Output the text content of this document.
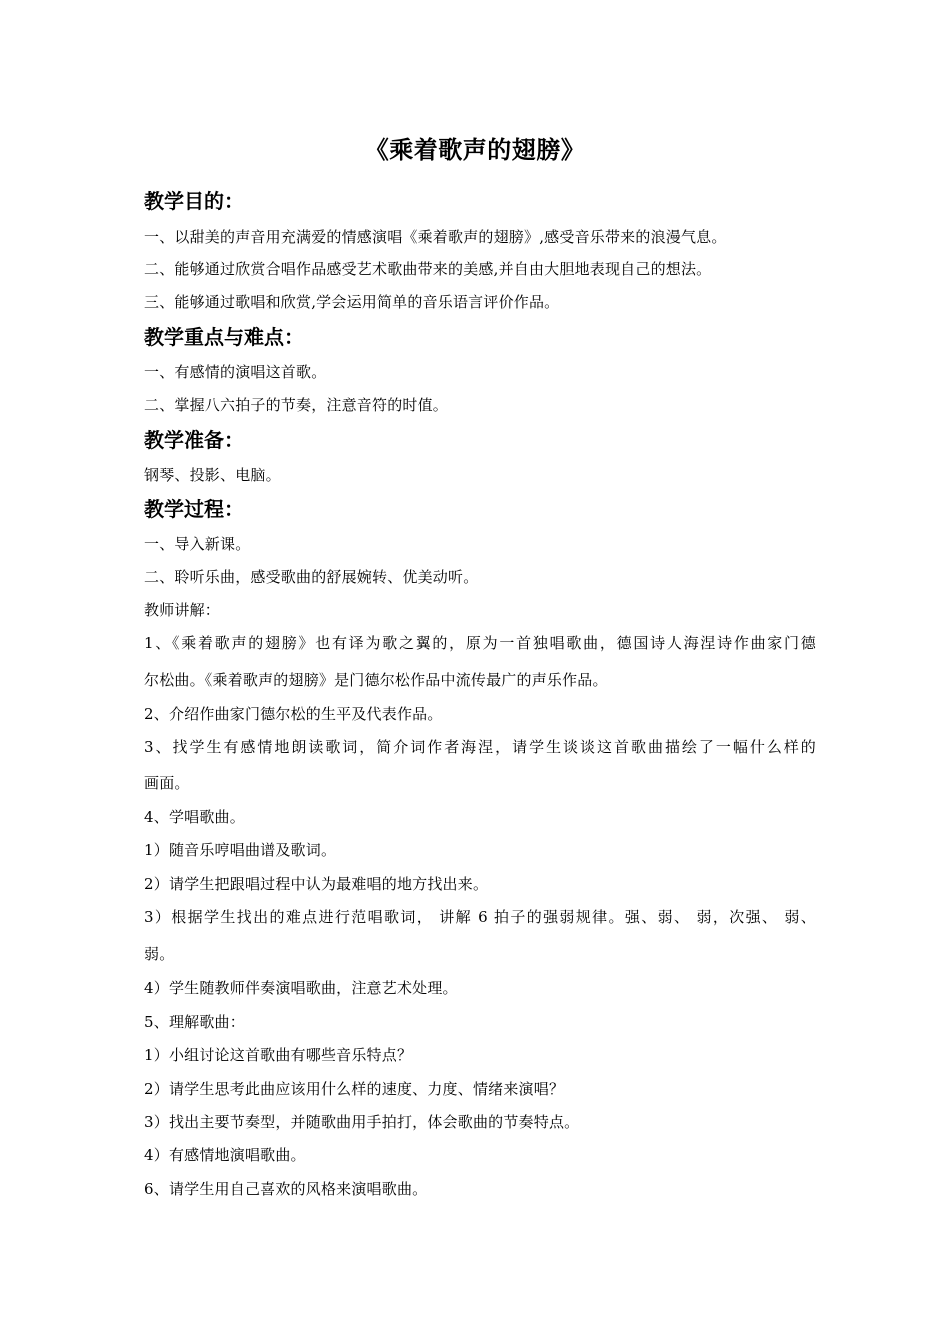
《乘着歌声的翅膀》
教学目的：
一、以甜美的声音用充满爱的情感演唱《乘着歌声的翅膀》,感受音乐带来的浪漫气息。
二、能够通过欣赏合唱作品感受艺术歌曲带来的美感,并自由大胆地表现自己的想法。
三、能够通过歌唱和欣赏,学会运用简单的音乐语言评价作品。
教学重点与难点：
一、有感情的演唱这首歌。
二、掌握八六拍子的节奏，注意音符的时值。
教学准备：
钢琴、投影、电脑。
教学过程：
一、导入新课。
二、聆听乐曲，感受歌曲的舒展婉转、优美动听。
教师讲解：
1、《乘着歌声的翅膀》也有译为歌之翼的，原为一首独唱歌曲，德国诗人海涅诗作曲家门德
尔松曲。《乘着歌声的翅膀》是门德尔松作品中流传最广的声乐作品。
2、介绍作曲家门德尔松的生平及代表作品。
3、找学生有感情地朗读歌词，简介词作者海涅，请学生谈谈这首歌曲描绘了一幅什么样的
画面。
4、学唱歌曲。
1）随音乐哼唱曲谱及歌词。
2）请学生把跟唱过程中认为最难唱的地方找出来。
3）根据学生找出的难点进行范唱歌词， 讲解 6 拍子的强弱规律。强、弱、 弱，次强、 弱、
弱。
4）学生随教师伴奏演唱歌曲，注意艺术处理。
5、理解歌曲：
1）小组讨论这首歌曲有哪些音乐特点？
2）请学生思考此曲应该用什么样的速度、力度、情绪来演唱？
3）找出主要节奏型，并随歌曲用手拍打，体会歌曲的节奏特点。
4）有感情地演唱歌曲。
6、请学生用自己喜欢的风格来演唱歌曲。
